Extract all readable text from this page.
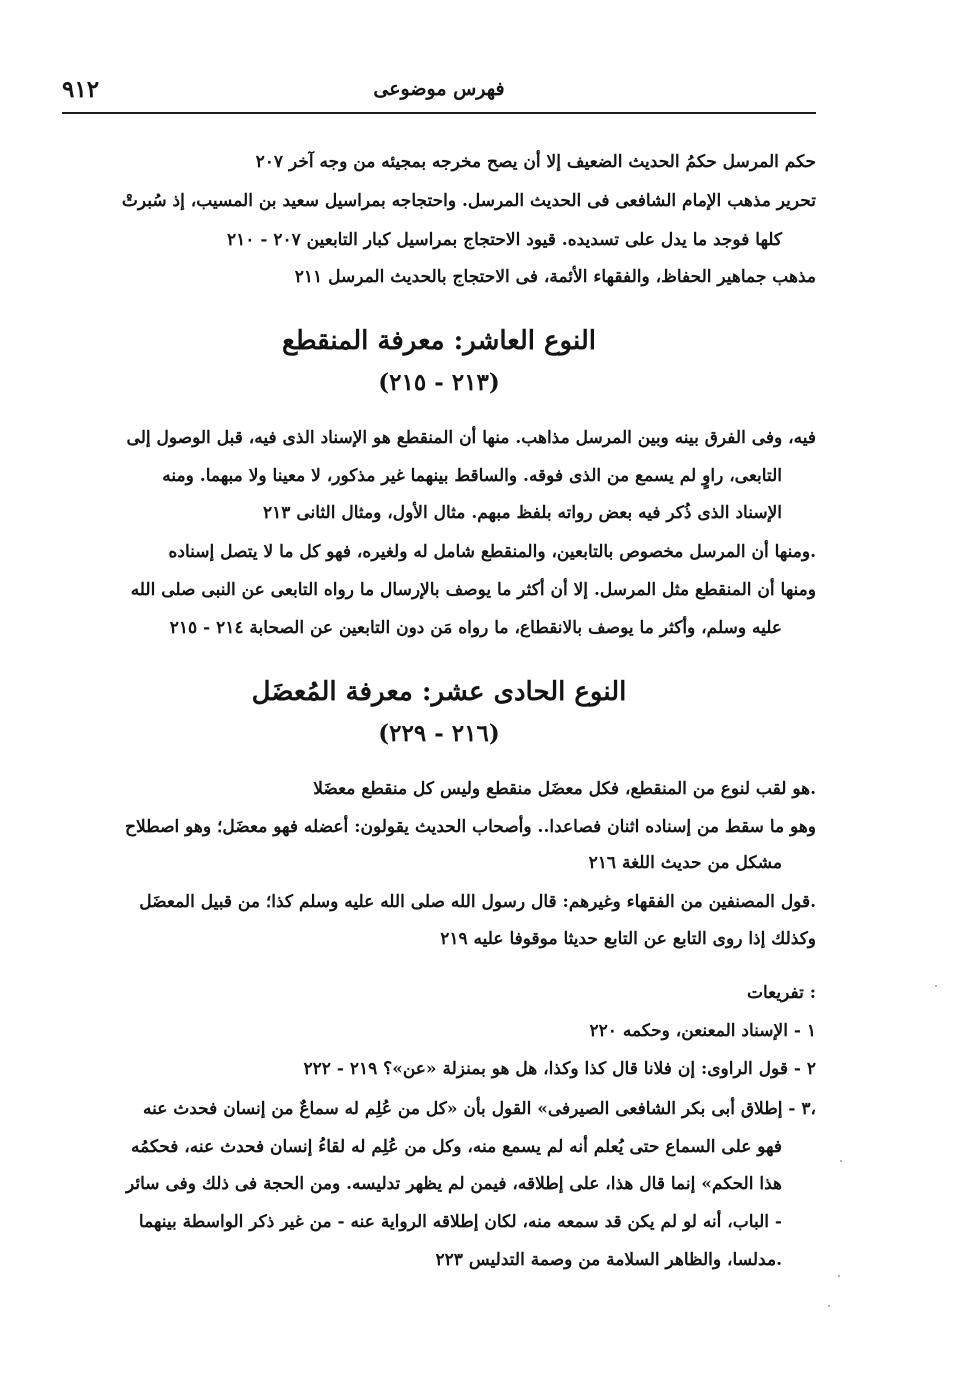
٩١٢	فهرس موضوعى
حكم المرسل حكمُ الحديث الضعيف إلا أن يصح مخرجه بمجيئه من وجه آخر ٢٠٧
تحرير مذهب الإمام الشافعى فى الحديث المرسل. واحتجاجه بمراسيل سعيد بن المسيب، إذ سُبرتْ
كلها فوجد ما يدل على تسديده. قيود الاحتجاج بمراسيل كبار التابعين ٢٠٧ - ٢١٠
مذهب جماهير الحفاظ، والفقهاء الأئمة، فى الاحتجاج بالحديث المرسل ٢١١
النوع العاشر: معرفة المنقطع
(٢١٣ - ٢١٥)
فيه، وفى الفرق بينه وبين المرسل مذاهب. منها أن المنقطع هو الإسناد الذى فيه، قبل الوصول إلى
التابعى، راوٍ لم يسمع من الذى فوقه. والساقط بينهما غير مذكور، لا معينا ولا مبهما. ومنه
الإسناد الذى ذُكر فيه بعض رواته بلفظ مبهم. مثال الأول، ومثال الثانى ٢١٣
ومنها أن المرسل مخصوص بالتابعين، والمنقطع شامل له ولغيره، فهو كل ما لا يتصل إسناده.
ومنها أن المنقطع مثل المرسل. إلا أن أكثر ما يوصف بالإرسال ما رواه التابعى عن النبى صلى الله
عليه وسلم، وأكثر ما يوصف بالانقطاع، ما رواه مَن دون التابعين عن الصحابة ٢١٤ - ٢١٥
النوع الحادى عشر: معرفة المُعضَل
(٢١٦ - ٢٢٩)
هو لقب لنوع من المنقطع، فكل معضَل منقطع وليس كل منقطع معضَلا.
وهو ما سقط من إسناده اثنان فصاعدا.. وأصحاب الحديث يقولون: أعضله فهو معضَل؛ وهو اصطلاح
مشكل من حديث اللغة ٢١٦
قول المصنفين من الفقهاء وغيرهم: قال رسول الله صلى الله عليه وسلم كذا؛ من قبيل المعضَل.
وكذلك إذا روى التابع عن التابع حديثا موقوفا عليه ٢١٩
تفريعات :
١ - الإسناد المعنعن، وحكمه ٢٢٠
٢ - قول الراوى: إن فلانا قال كذا وكذا، هل هو بمنزلة «عن»؟ ٢١٩ - ٢٢٢
٣ - إطلاق أبى بكر الشافعى الصيرفى» القول بأن «كل من عُلِم له سماعٌ من إنسان فحدث عنه،
فهو على السماع حتى يُعلم أنه لم يسمع منه، وكل من عُلِم له لقاءُ إنسان فحدث عنه، فحكمُه
هذا الحكم» إنما قال هذا، على إطلاقه، فيمن لم يظهر تدليسه. ومن الحجة فى ذلك وفى سائر
الباب، أنه لو لم يكن قد سمعه منه، لكان إطلاقه الرواية عنه - من غير ذكر الواسطة بينهما -
مدلسا، والظاهر السلامة من وصمة التدليس ٢٢٣.
